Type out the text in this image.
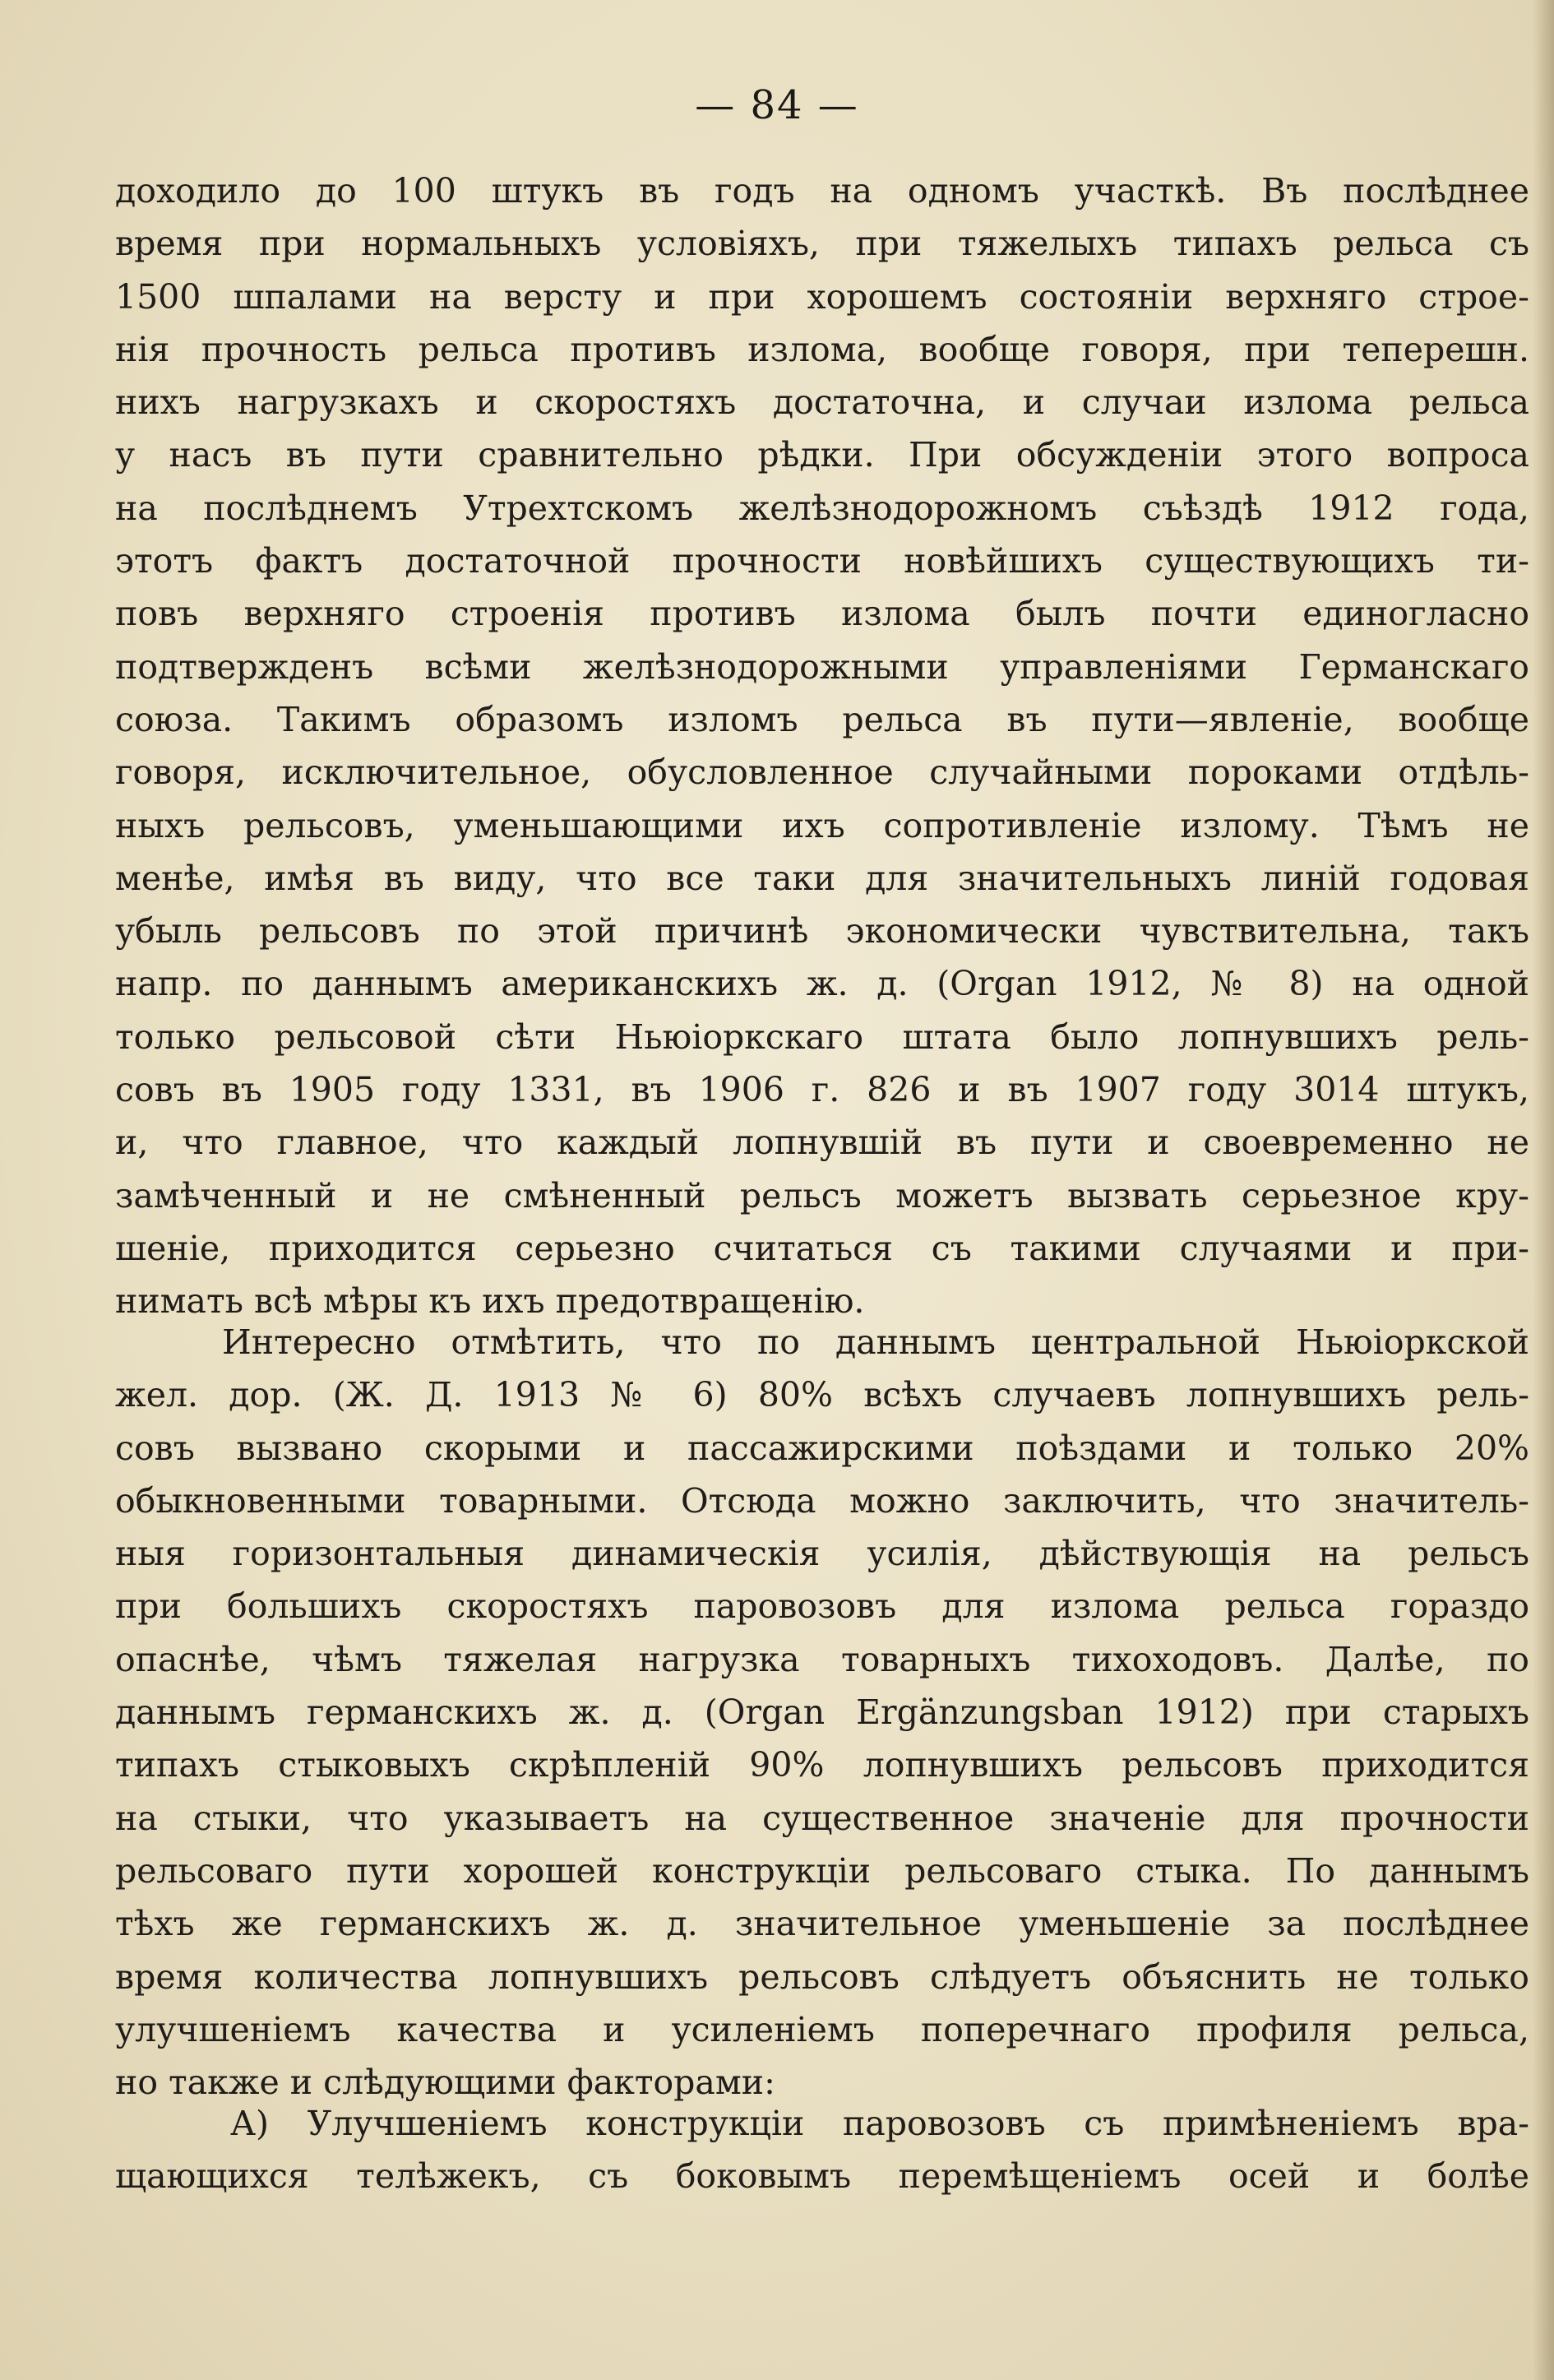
— 84 —
доходило до 100 штукъ въ годъ на одномъ участкѣ. Въ послѣднее
время при нормальныхъ условіяхъ, при тяжелыхъ типахъ рельса съ
1500 шпалами на версту и при хорошемъ состояніи верхняго строе-
нія прочность рельса противъ излома, вообще говоря, при теперешн.
нихъ нагрузкахъ и скоростяхъ достаточна, и случаи излома рельса
у насъ въ пути сравнительно рѣдки. При обсужденіи этого вопроса
на послѣднемъ Утрехтскомъ желѣзнодорожномъ съѣздѣ 1912 года,
этотъ фактъ достаточной прочности новѣйшихъ существующихъ ти-
повъ верхняго строенія противъ излома былъ почти единогласно
подтвержденъ всѣми желѣзнодорожными управленіями Германскаго
союза. Такимъ образомъ изломъ рельса въ пути—явленіе, вообще
говоря, исключительное, обусловленное случайными пороками отдѣль-
ныхъ рельсовъ, уменьшающими ихъ сопротивленіе излому. Тѣмъ не
менѣе, имѣя въ виду, что все таки для значительныхъ линій годовая
убыль рельсовъ по этой причинѣ экономически чувствительна, такъ
напр. по даннымъ американскихъ ж. д. (Organ 1912, № 8) на одной
только рельсовой сѣти Ньюіоркскаго штата было лопнувшихъ рель-
совъ въ 1905 году 1331, въ 1906 г. 826 и въ 1907 году 3014 штукъ,
и, что главное, что каждый лопнувшій въ пути и своевременно не
замѣченный и не смѣненный рельсъ можетъ вызвать серьезное кру-
шеніе, приходится серьезно считаться съ такими случаями и при-
нимать всѣ мѣры къ ихъ предотвращенію.
Интересно отмѣтить, что по даннымъ центральной Ньюіоркской
жел. дор. (Ж. Д. 1913 № 6) 80% всѣхъ случаевъ лопнувшихъ рель-
совъ вызвано скорыми и пассажирскими поѣздами и только 20%
обыкновенными товарными. Отсюда можно заключить, что значитель-
ныя горизонтальныя динамическія усилія, дѣйствующія на рельсъ
при большихъ скоростяхъ паровозовъ для излома рельса гораздо
опаснѣе, чѣмъ тяжелая нагрузка товарныхъ тихоходовъ. Далѣе, по
даннымъ германскихъ ж. д. (Organ Ergänzungsban 1912) при старыхъ
типахъ стыковыхъ скрѣпленій 90% лопнувшихъ рельсовъ приходится
на стыки, что указываетъ на существенное значеніе для прочности
рельсоваго пути хорошей конструкціи рельсоваго стыка. По даннымъ
тѣхъ же германскихъ ж. д. значительное уменьшеніе за послѣднее
время количества лопнувшихъ рельсовъ слѣдуетъ объяснить не только
улучшеніемъ качества и усиленіемъ поперечнаго профиля рельса,
но также и слѣдующими факторами:
А) Улучшеніемъ конструкціи паровозовъ съ примѣненіемъ вра-
щающихся телѣжекъ, съ боковымъ перемѣщеніемъ осей и болѣе
